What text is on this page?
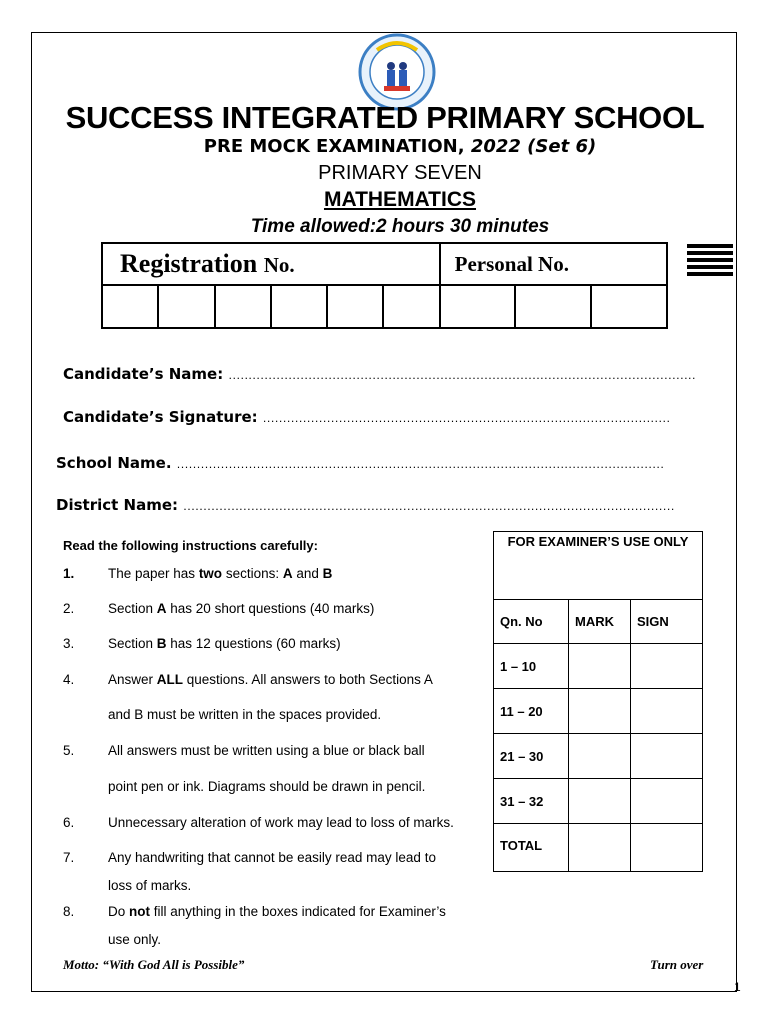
SUCCESS INTEGRATED PRIMARY SCHOOL
PRE MOCK EXAMINATION, 2022 (Set 6)
PRIMARY SEVEN
MATHEMATICS
Time allowed:2 hours 30 minutes
Registration No.						Personal No.		

Candidate’s Name: .....................................................................................................................
Candidate’s Signature: ......................................................................................................
School Name. ..........................................................................................................................
District Name: ...........................................................................................................................
Read the following instructions carefully:
1. The paper has two sections: A and B
2. Section A has 20 short questions (40 marks)
3. Section B has 12 questions (60 marks)
4. Answer ALL questions. All answers to both Sections A
and B must be written in the spaces provided.
5. All answers must be written using a blue or black ball
point pen or ink. Diagrams should be drawn in pencil.
6. Unnecessary alteration of work may lead to loss of marks.
7. Any handwriting that cannot be easily read may lead to
loss of marks.
8. Do not fill anything in the boxes indicated for Examiner’s
use only.
FOR EXAMINER’S USE ONLY		
Qn. No	MARK	SIGN
1 – 10		
11 – 20		
21 – 30		
31 – 32		
TOTAL		
Motto: “With God All is Possible”	Turn over
1
